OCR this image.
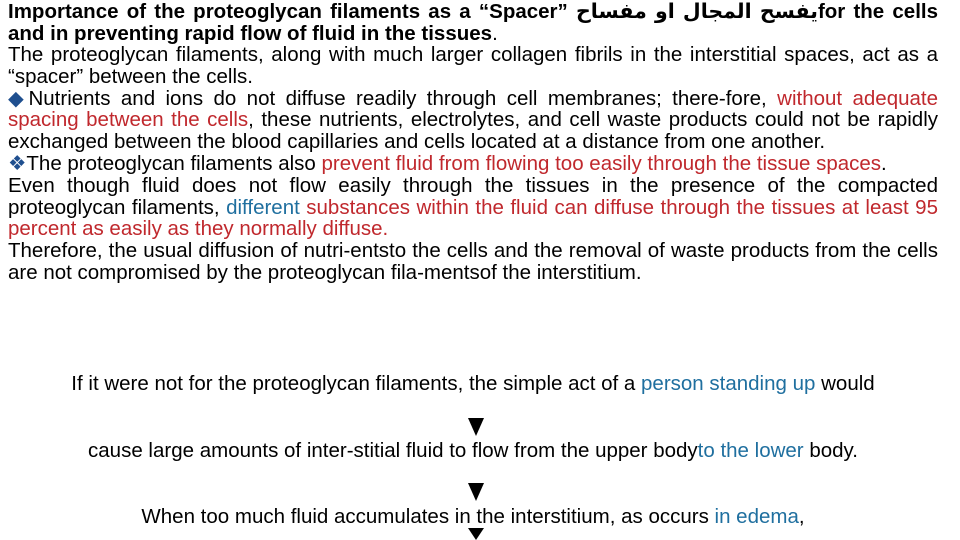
Importance of the proteoglycan filaments as a “Spacer” يفسح المجال او مفساحfor the cells and in preventing rapid flow of fluid in the tissues.
The proteoglycan filaments, along with much larger collagen fibrils in the interstitial spaces, act as a “spacer” between the cells.
◆Nutrients and ions do not diffuse readily through cell membranes; there-fore, without adequate spacing between the cells, these nutrients, electrolytes, and cell waste products could not be rapidly exchanged between the blood capillaries and cells located at a distance from one another.
❖The proteoglycan filaments also prevent fluid from flowing too easily through the tissue spaces.
Even though fluid does not flow easily through the tissues in the presence of the compacted proteoglycan filaments, different substances within the fluid can diffuse through the tissues at least 95 percent as easily as they normally diffuse.
Therefore, the usual diffusion of nutri-entsto the cells and the removal of waste products from the cells are not compromised by the proteoglycan fila-mentsof the interstitium.
If it were not for the proteoglycan filaments, the simple act of a person standing up would
cause large amounts of inter-stitial fluid to flow from the upper bodyto the lower body.
When too much fluid accumulates in the interstitium, as occurs in edema,
